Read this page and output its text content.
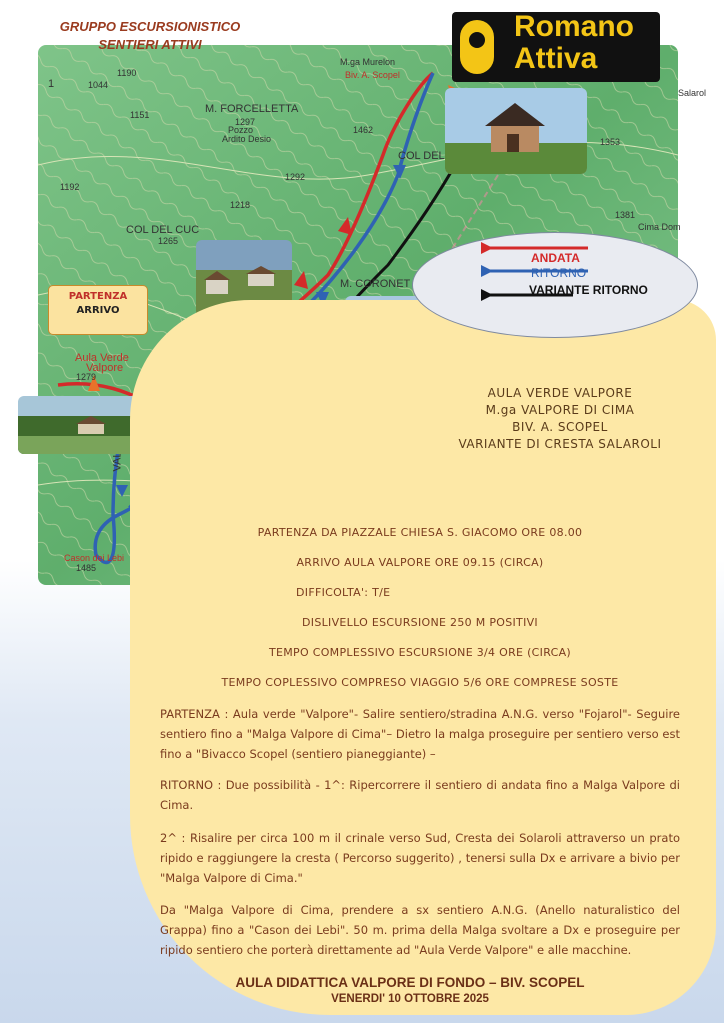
1
1190
1044
1151	M. FORCELLETTA
1297
Pozzo
Ardito Desio
1292
1218
1192
COL DEL CUC
1265
M.ga Murelon
Biv. A. Scopel
1462
COL DEL
Salarol
1353
1381
Cima Dom
M. CORONET
Aula Verde
Valpore
1279
Cason dei Lebi
1485
GRUPPO ESCURSIONISTICO
SENTIERI ATTIVI
Romano
Attiva
PARTENZA
ARRIVO
ANDATA
RITORNO
VARIANTE RITORNO
AULA VERDE VALPORE
M.ga VALPORE DI CIMA
BIV. A. SCOPEL
VARIANTE DI CRESTA SALAROLI
PARTENZA DA PIAZZALE CHIESA S. GIACOMO ORE 08.00
ARRIVO AULA VALPORE ORE 09.15 (CIRCA)
DIFFICOLTA': T/E
DISLIVELLO ESCURSIONE 250 M POSITIVI
TEMPO COMPLESSIVO ESCURSIONE 3/4 ORE (CIRCA)
TEMPO COPLESSIVO COMPRESO VIAGGIO 5/6 ORE COMPRESE SOSTE
PARTENZA : Aula verde "Valpore"- Salire sentiero/stradina A.N.G. verso "Fojarol"- Seguire sentiero fino a "Malga Valpore di Cima"– Dietro la malga proseguire per sentiero verso est fino a "Bivacco Scopel (sentiero pianeggiante) –
RITORNO : Due possibilità - 1^: Ripercorrere il sentiero di andata fino a Malga Valpore di Cima.
2^ : Risalire per circa 100 m il crinale verso Sud, Cresta dei Solaroli attraverso un prato ripido e raggiungere la cresta ( Percorso suggerito) , tenersi sulla Dx e arrivare a bivio per "Malga Valpore di Cima."
Da "Malga Valpore di Cima, prendere a sx sentiero A.N.G. (Anello naturalistico del Grappa) fino a "Cason dei Lebi". 50 m. prima della Malga svoltare a Dx e proseguire per ripido sentiero che porterà direttamente ad "Aula Verde Valpore" e alle macchine.
AULA DIDATTICA VALPORE DI FONDO – BIV. SCOPEL
VENERDI' 10 OTTOBRE 2025
